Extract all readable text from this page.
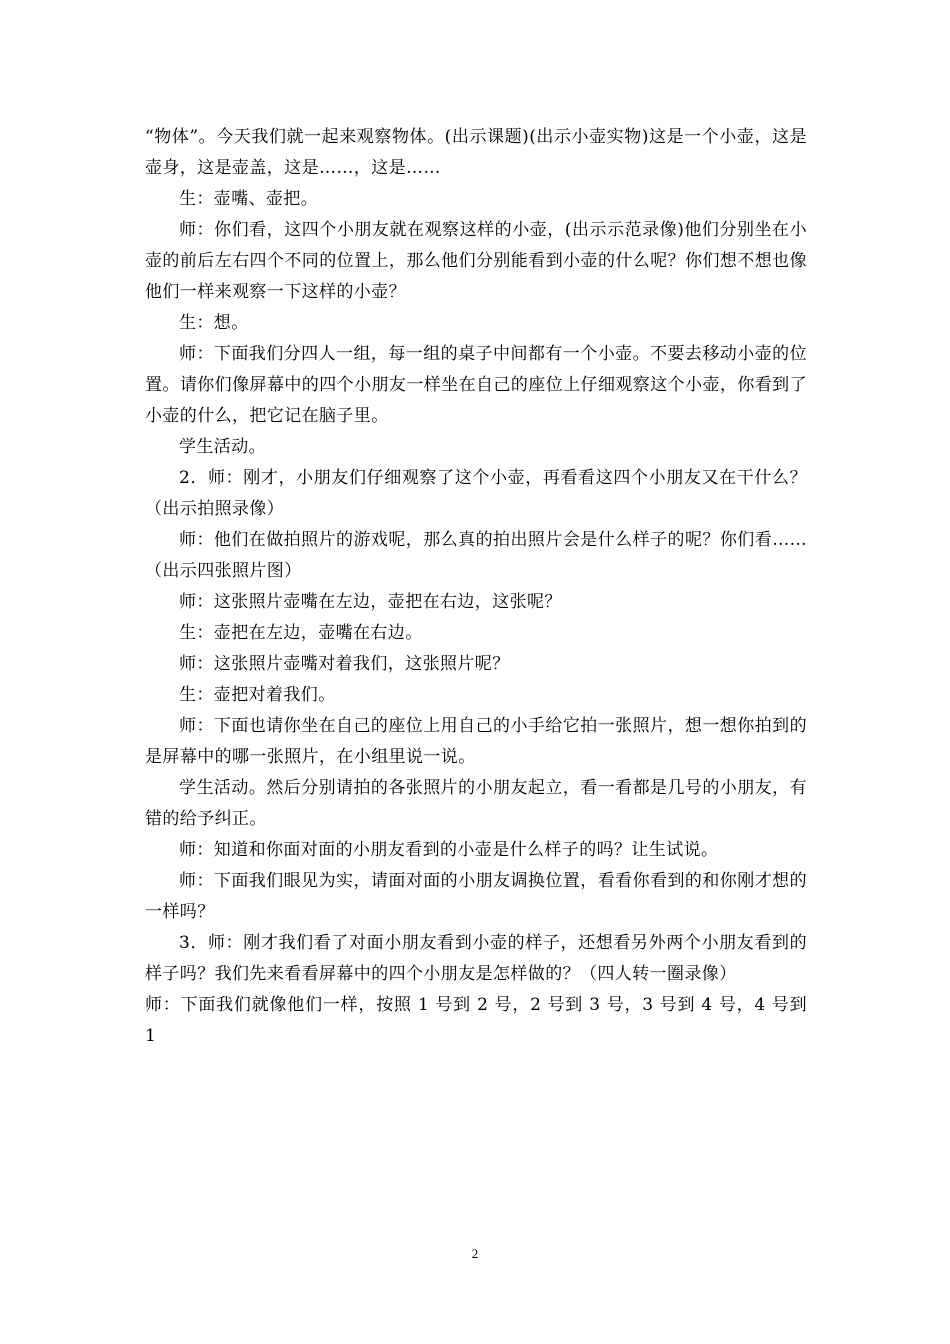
“物体”。今天我们就一起来观察物体。(出示课题)(出示小壶实物)这是一个小壶，这是壶身，这是壶盖，这是……，这是……

生：壶嘴、壶把。

师：你们看，这四个小朋友就在观察这样的小壶，(出示示范录像)他们分别坐在小壶的前后左右四个不同的位置上，那么他们分别能看到小壶的什么呢？你们想不想也像他们一样来观察一下这样的小壶？

生：想。

师：下面我们分四人一组，每一组的桌子中间都有一个小壶。不要去移动小壶的位置。请你们像屏幕中的四个小朋友一样坐在自己的座位上仔细观察这个小壶，你看到了小壶的什么，把它记在脑子里。

学生活动。

2．师：刚才，小朋友们仔细观察了这个小壶，再看看这四个小朋友又在干什么？（出示拍照录像）

师：他们在做拍照片的游戏呢，那么真的拍出照片会是什么样子的呢？你们看……（出示四张照片图）

师：这张照片壶嘴在左边，壶把在右边，这张呢？

生：壶把在左边，壶嘴在右边。

师：这张照片壶嘴对着我们，这张照片呢？

生：壶把对着我们。

师：下面也请你坐在自己的座位上用自己的小手给它拍一张照片，想一想你拍到的是屏幕中的哪一张照片，在小组里说一说。

学生活动。然后分别请拍的各张照片的小朋友起立，看一看都是几号的小朋友，有错的给予纠正。

师：知道和你面对面的小朋友看到的小壶是什么样子的吗？让生试说。

师：下面我们眼见为实，请面对面的小朋友调换位置，看看你看到的和你刚才想的一样吗？

3．师：刚才我们看了对面小朋友看到小壶的样子，还想看另外两个小朋友看到的样子吗？我们先来看看屏幕中的四个小朋友是怎样做的？（四人转一圈录像）

师：下面我们就像他们一样，按照 1 号到 2 号，2 号到 3 号，3 号到 4 号，4 号到 1

2
